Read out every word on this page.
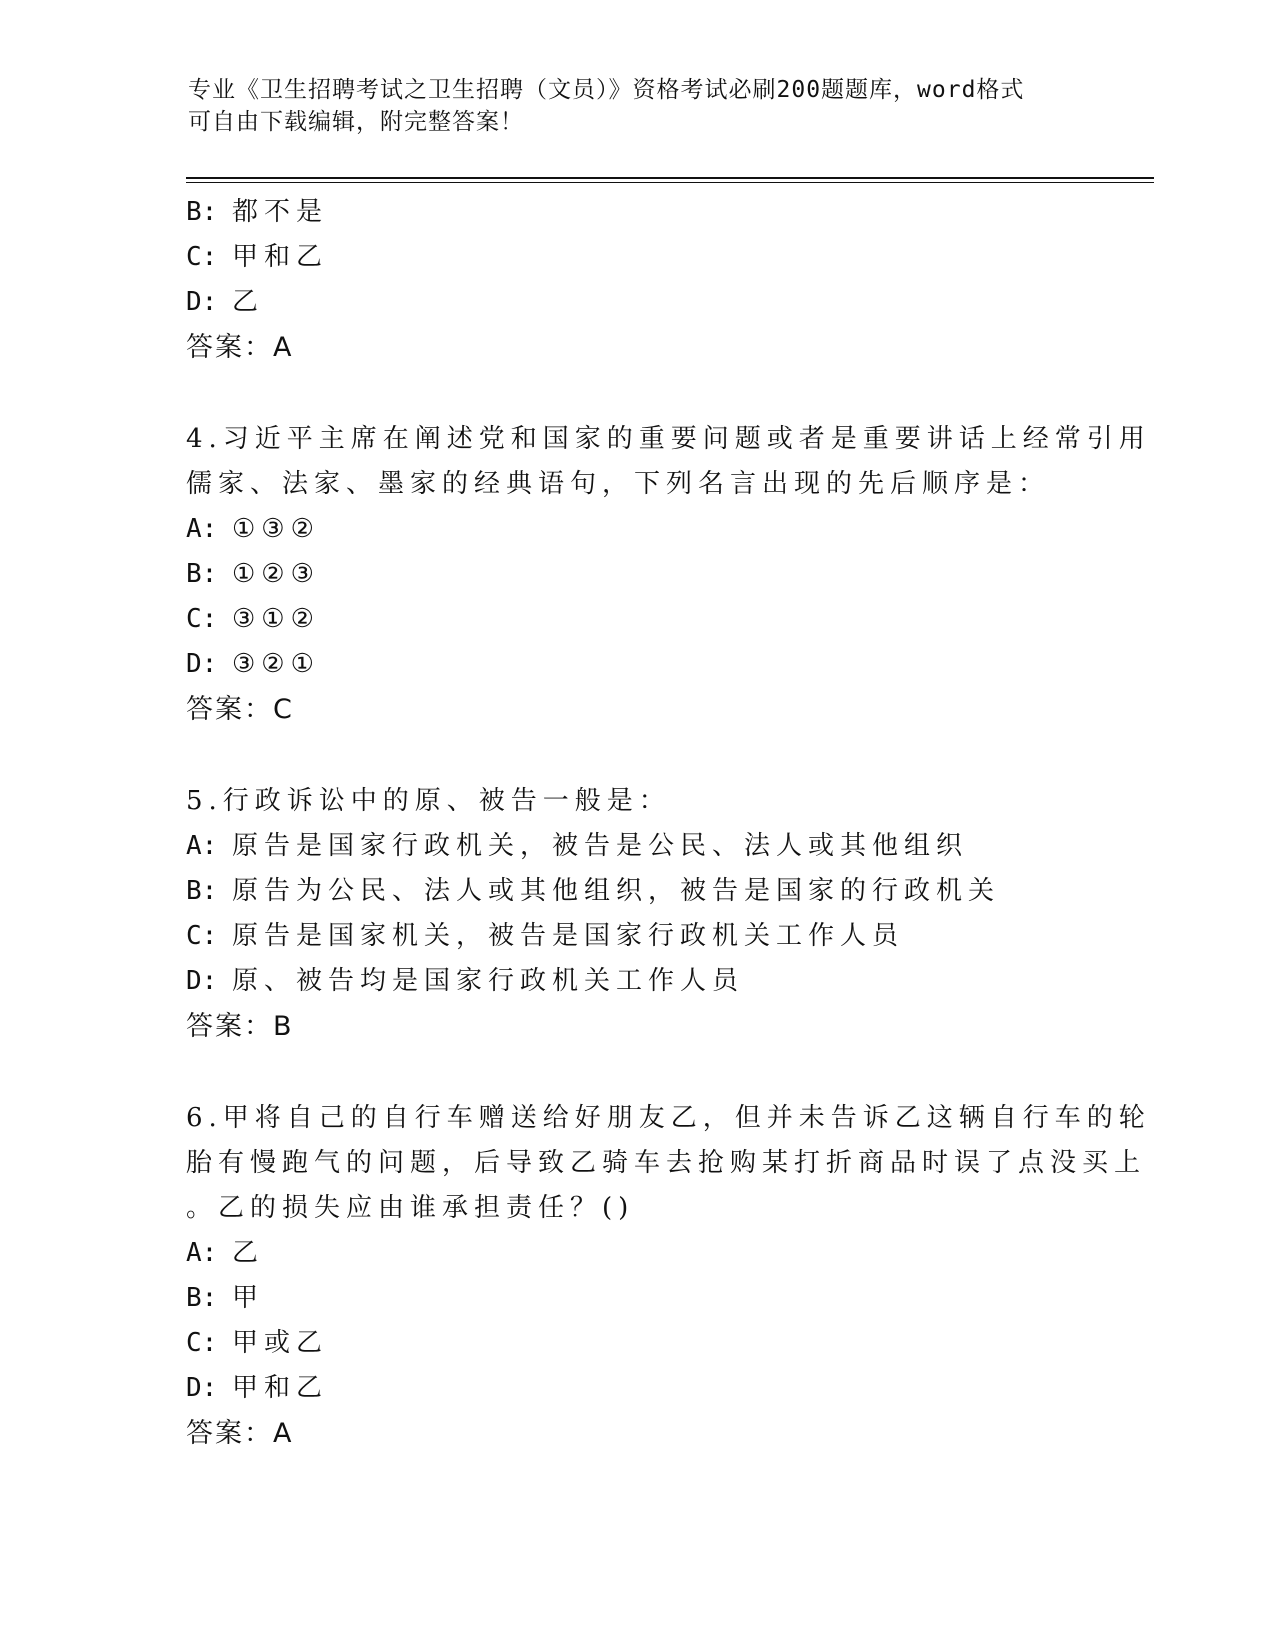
专业《卫生招聘考试之卫生招聘（文员）》资格考试必刷200题题库，word格式
可自由下载编辑，附完整答案！
B: 都不是
C: 甲和乙
D: 乙
答案：A
4.习近平主席在阐述党和国家的重要问题或者是重要讲话上经常引用
儒家、法家、墨家的经典语句，下列名言出现的先后顺序是：
A: ①③②
B: ①②③
C: ③①②
D: ③②①
答案：C
5.行政诉讼中的原、被告一般是：
A: 原告是国家行政机关，被告是公民、法人或其他组织
B: 原告为公民、法人或其他组织，被告是国家的行政机关
C: 原告是国家机关，被告是国家行政机关工作人员
D: 原、被告均是国家行政机关工作人员
答案：B
6.甲将自己的自行车赠送给好朋友乙，但并未告诉乙这辆自行车的轮
胎有慢跑气的问题，后导致乙骑车去抢购某打折商品时误了点没买上
。乙的损失应由谁承担责任？()
A: 乙
B: 甲
C: 甲或乙
D: 甲和乙
答案：A
